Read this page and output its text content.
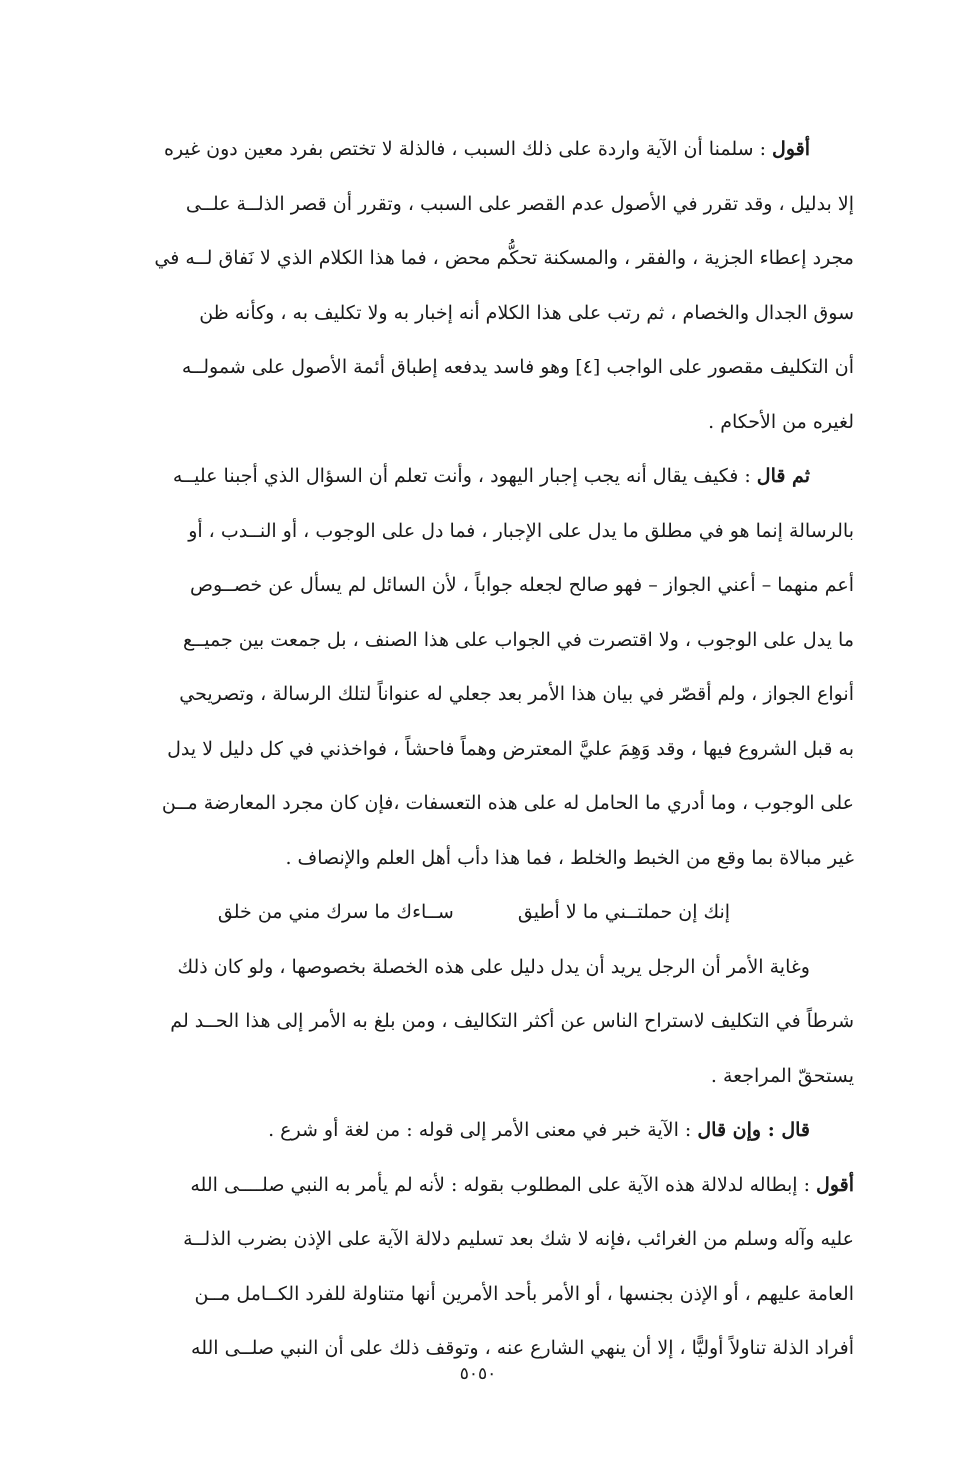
أقول : سلمنا أن الآية واردة على ذلك السبب ، فالذلة لا تختص بفرد معين دون غيره
إلا بدليل ، وقد تقرر في الأصول عدم القصر على السبب ، وتقرر أن قصر الذلــة علــى
مجرد إعطاء الجزية ، والفقر ، والمسكنة تحكُّم محض ، فما هذا الكلام الذي لا نَفاق لــه في
سوق الجدال والخصام ، ثم رتب على هذا الكلام أنه إخبار به ولا تكليف به ، وكأنه ظن
أن التكليف مقصور على الواجب [٤] وهو فاسد يدفعه إطباق أئمة الأصول على شمولــه
لغيره من الأحكام .
ثم قال : فكيف يقال أنه يجب إجبار اليهود ، وأنت تعلم أن السؤال الذي أجبنا عليــه
بالرسالة إنما هو في مطلق ما يدل على الإجبار ، فما دل على الوجوب ، أو النــدب ، أو
أعم منهما – أعني الجواز – فهو صالح لجعله جواباً ، لأن السائل لم يسأل عن خصــوص
ما يدل على الوجوب ، ولا اقتصرت في الجواب على هذا الصنف ، بل جمعت بين جميــع
أنواع الجواز ، ولم أقصّر في بيان هذا الأمر بعد جعلي له عنواناً لتلك الرسالة ، وتصريحي
به قبل الشروع فيها ، وقد وَهِمَ عليَّ المعترض وهماً فاحشاً ، فواخذني في كل دليل لا يدل
على الوجوب ، وما أدري ما الحامل له على هذه التعسفات ،فإن كان مجرد المعارضة مــن
غير مبالاة بما وقع من الخبط والخلط ، فما هذا دأب أهل العلم والإنصاف .
إنك إن حملتــني ما لا أطيق
ســاءك ما سرك مني من خلق
وغاية الأمر أن الرجل يريد أن يدل دليل على هذه الخصلة بخصوصها ، ولو كان ذلك
شرطاً في التكليف لاستراح الناس عن أكثر التكاليف ، ومن بلغ به الأمر إلى هذا الحــد لم
يستحقّ المراجعة .
قال : وإن قال : الآية خبر في معنى الأمر إلى قوله : من لغة أو شرع .
أقول : إبطاله لدلالة هذه الآية على المطلوب بقوله : لأنه لم يأمر به النبي صلــــى الله
عليه وآله وسلم من الغرائب ،فإنه لا شك بعد تسليم دلالة الآية على الإذن بضرب الذلــة
العامة عليهم ، أو الإذن بجنسها ، أو الأمر بأحد الأمرين أنها متناولة للفرد الكــامل مــن
أفراد الذلة تناولاً أوليًّا ، إلا أن ينهي الشارع عنه ، وتوقف ذلك على أن النبي صلــى الله
٥٠٥٠
